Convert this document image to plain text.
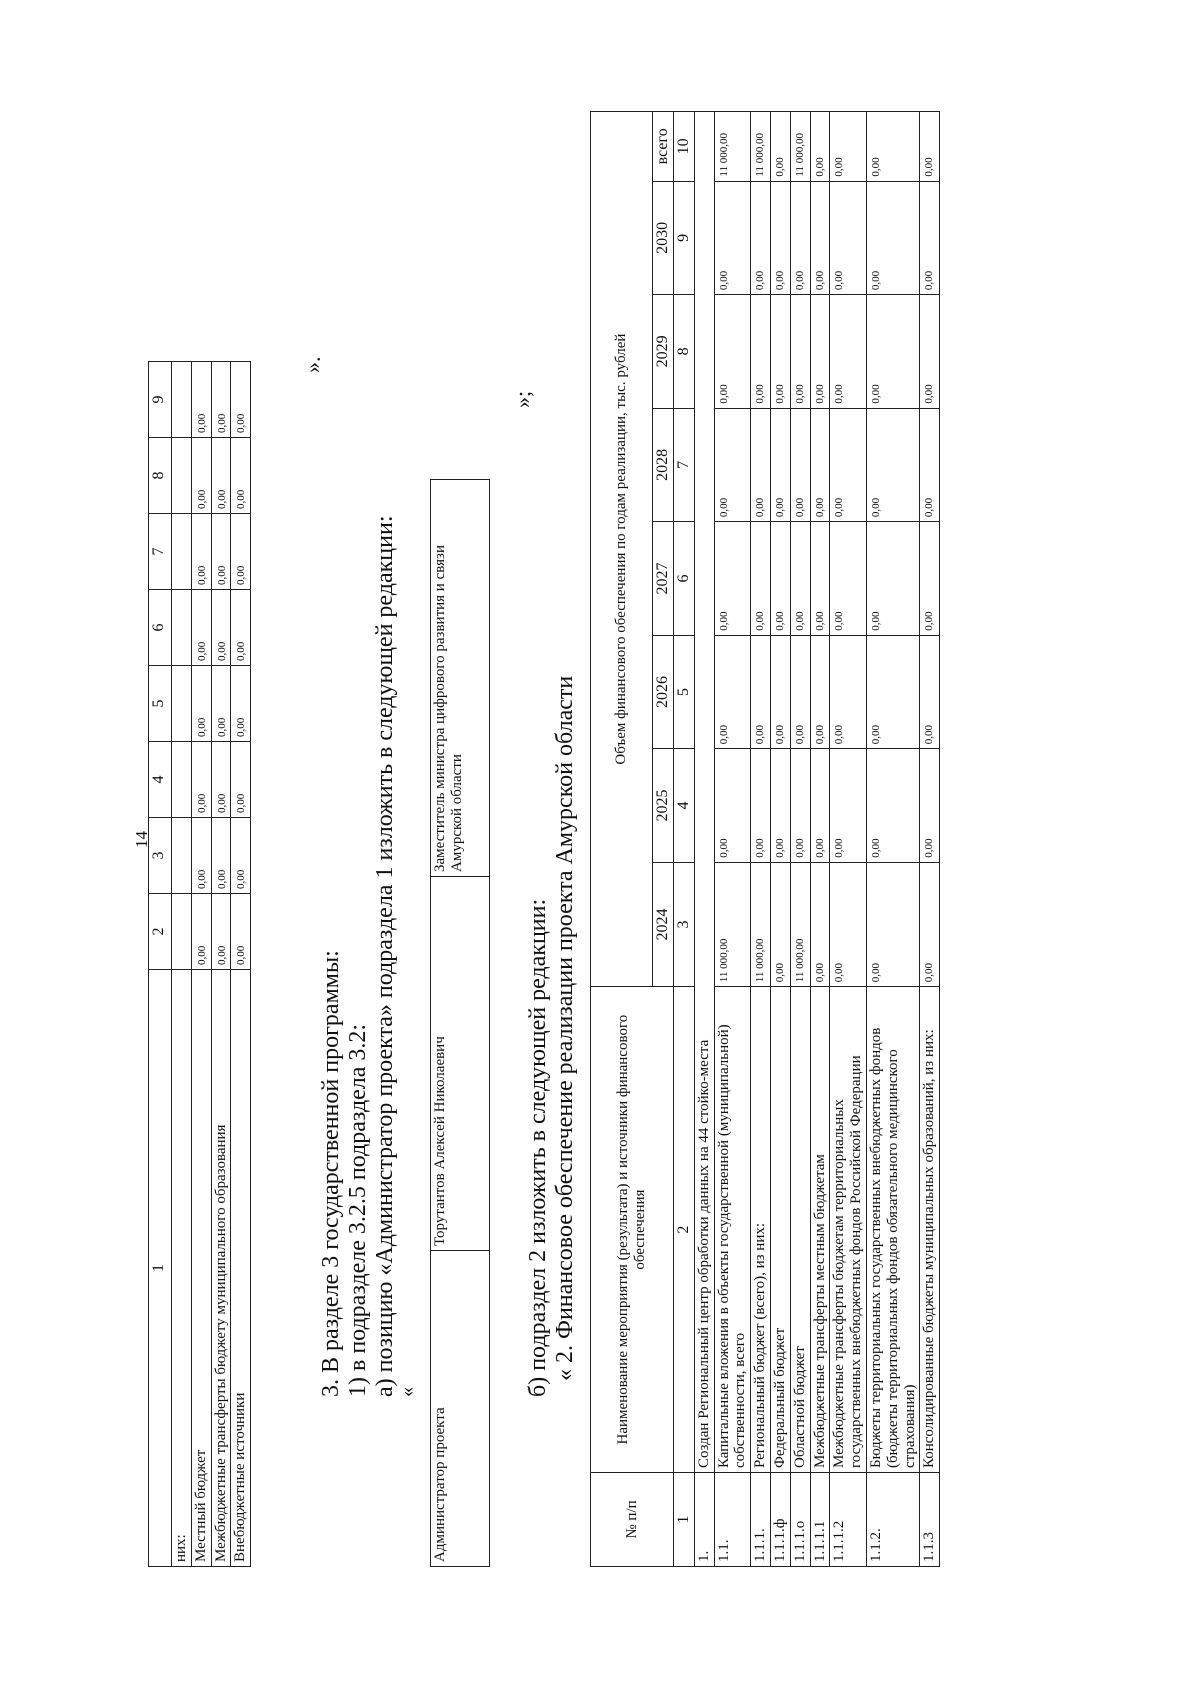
14
1	2	3	4	5	6	7	8	9
них:								
Местный бюджет	0,00	0,00	0,00	0,00	0,00	0,00	0,00	0,00
Межбюджетные трансферты бюджету муниципального образования	0,00	0,00	0,00	0,00	0,00	0,00	0,00	0,00
Внебюджетные источники	0,00	0,00	0,00	0,00	0,00	0,00	0,00	0,00
».
3. В разделе 3 государственной программы: 1) в подразделе 3.2.5 подраздела 3.2: а) позицию «Администратор проекта» подраздела 1 изложить в следующей редакции:
«
Администратор проекта	Торутантов Алексей Николаевич	Заместитель министра цифрового развития и связи Амурской области
»;
б) подраздел 2 изложить в следующей редакции: « 2. Финансовое обеспечение реализации проекта Амурской области
№ п/п	Наименование мероприятия (результата) и источники финансового обеспечения	Объем финансового обеспечения по годам реализации, тыс. рублей							
		2024	2025	2026	2027	2028	2029	2030	всего
1	2	3	4	5	6	7	8	9	10
1.	Создан Региональный центр обработки данных на 44 стойко-места								
1.1.	Капитальные вложения в объекты государственной (муниципальной) собственности, всего	11 000,00	0,00	0,00	0,00	0,00	0,00	0,00	11 000,00
1.1.1.	Региональный бюджет (всего), из них:	11 000,00	0,00	0,00	0,00	0,00	0,00	0,00	11 000,00
1.1.1.ф	Федеральный бюджет	0,00	0,00	0,00	0,00	0,00	0,00	0,00	0,00
1.1.1.о	Областной бюджет	11 000,00	0,00	0,00	0,00	0,00	0,00	0,00	11 000,00
1.1.1.1	Межбюджетные трансферты местным бюджетам	0,00	0,00	0,00	0,00	0,00	0,00	0,00	0,00
1.1.1.2	Межбюджетные трансферты бюджетам территориальных государственных внебюджетных фондов Российской Федерации	0,00	0,00	0,00	0,00	0,00	0,00	0,00	0,00
1.1.2.	Бюджеты территориальных государственных внебюджетных фондов (бюджеты территориальных фондов обязательного медицинского страхования)	0,00	0,00	0,00	0,00	0,00	0,00	0,00	0,00
1.1.3	Консолидированные бюджеты муниципальных образований, из них:	0,00	0,00	0,00	0,00	0,00	0,00	0,00	0,00
